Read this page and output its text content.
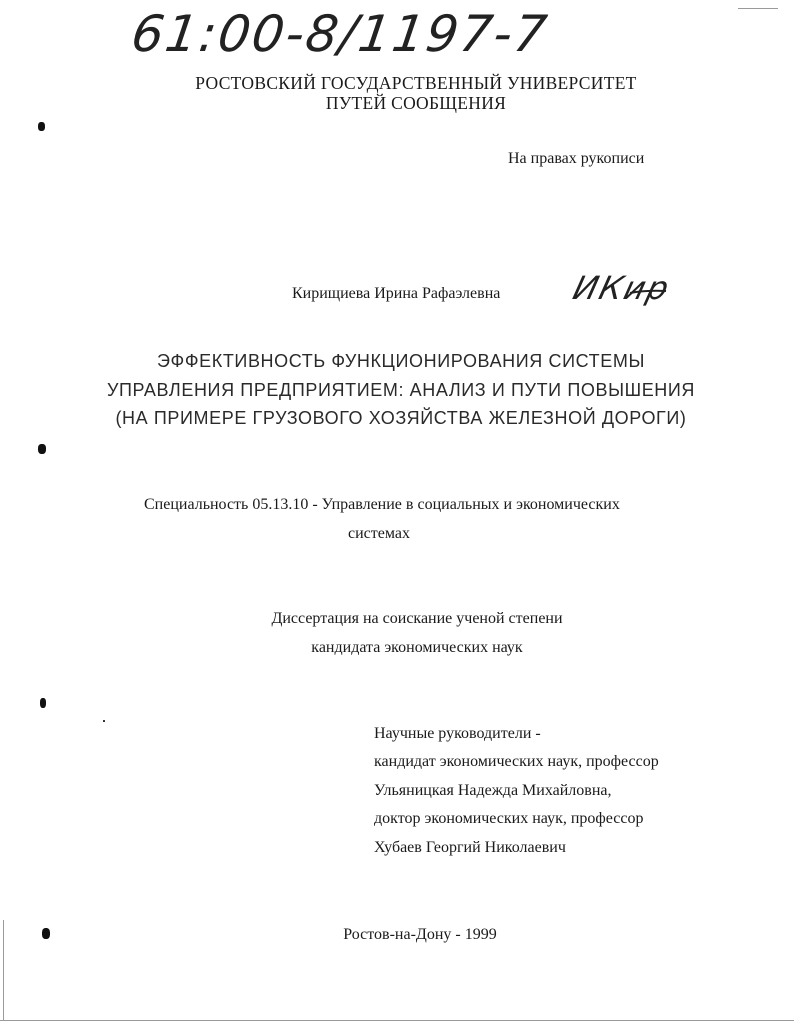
61:00-8/1197-7
РОСТОВСКИЙ ГОСУДАРСТВЕННЫЙ УНИВЕРСИТЕТ
ПУТЕЙ СООБЩЕНИЯ
На правах рукописи
Кирищиева Ирина Рафаэлевна ИКир
ЭФФЕКТИВНОСТЬ ФУНКЦИОНИРОВАНИЯ СИСТЕМЫ
УПРАВЛЕНИЯ ПРЕДПРИЯТИЕМ: АНАЛИЗ И ПУТИ ПОВЫШЕНИЯ
(НА ПРИМЕРЕ ГРУЗОВОГО ХОЗЯЙСТВА ЖЕЛЕЗНОЙ ДОРОГИ)
Специальность 05.13.10 - Управление в социальных и экономических
системах
Диссертация на соискание ученой степени
кандидата экономических наук
Научные руководители -
кандидат экономических наук, профессор
Ульяницкая Надежда Михайловна,
доктор экономических наук, профессор
Хубаев Георгий Николаевич
Ростов-на-Дону - 1999
